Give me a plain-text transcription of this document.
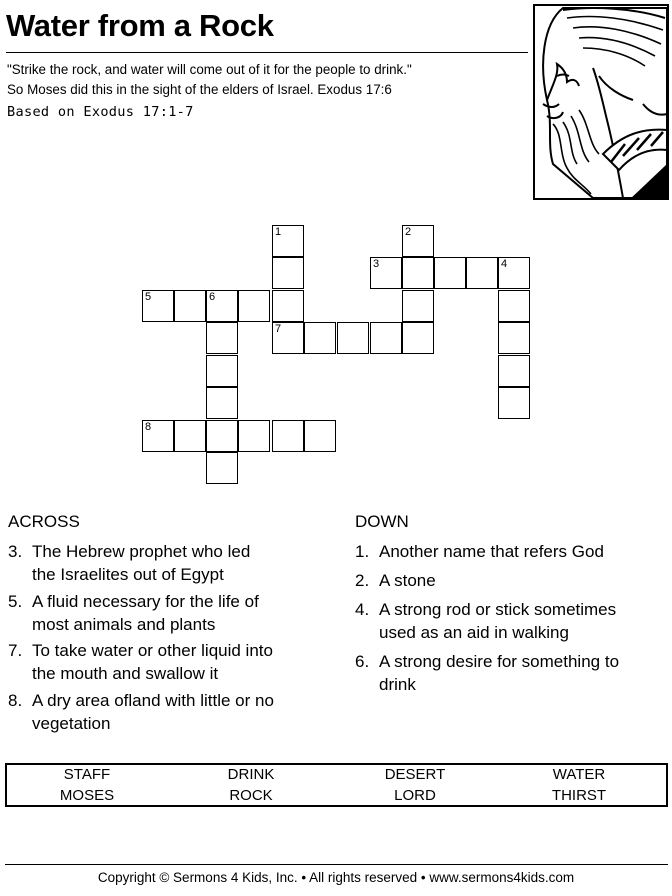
Water from a Rock
"Strike the rock, and water will come out of it for the people to drink."
So Moses did this in the sight of the elders of Israel. Exodus 17:6
Based on Exodus 17:1-7
1	2
3	4
5	6
7
8
ACROSS	DOWN
3. The Hebrew prophet who led
the Israelites out of Egypt
5. A fluid necessary for the life of
most animals and plants
7. To take water or other liquid into
the mouth and swallow it
8. A dry area ofland with little or no
vegetation
1. Another name that refers God
2. A stone
4. A strong rod or stick sometimes
used as an aid in walking
6. A strong desire for something to
drink
STAFF	DRINK	DESERT	WATER
MOSES	ROCK	LORD	THIRST
Copyright © Sermons 4 Kids, Inc. • All rights reserved • www.sermons4kids.com
